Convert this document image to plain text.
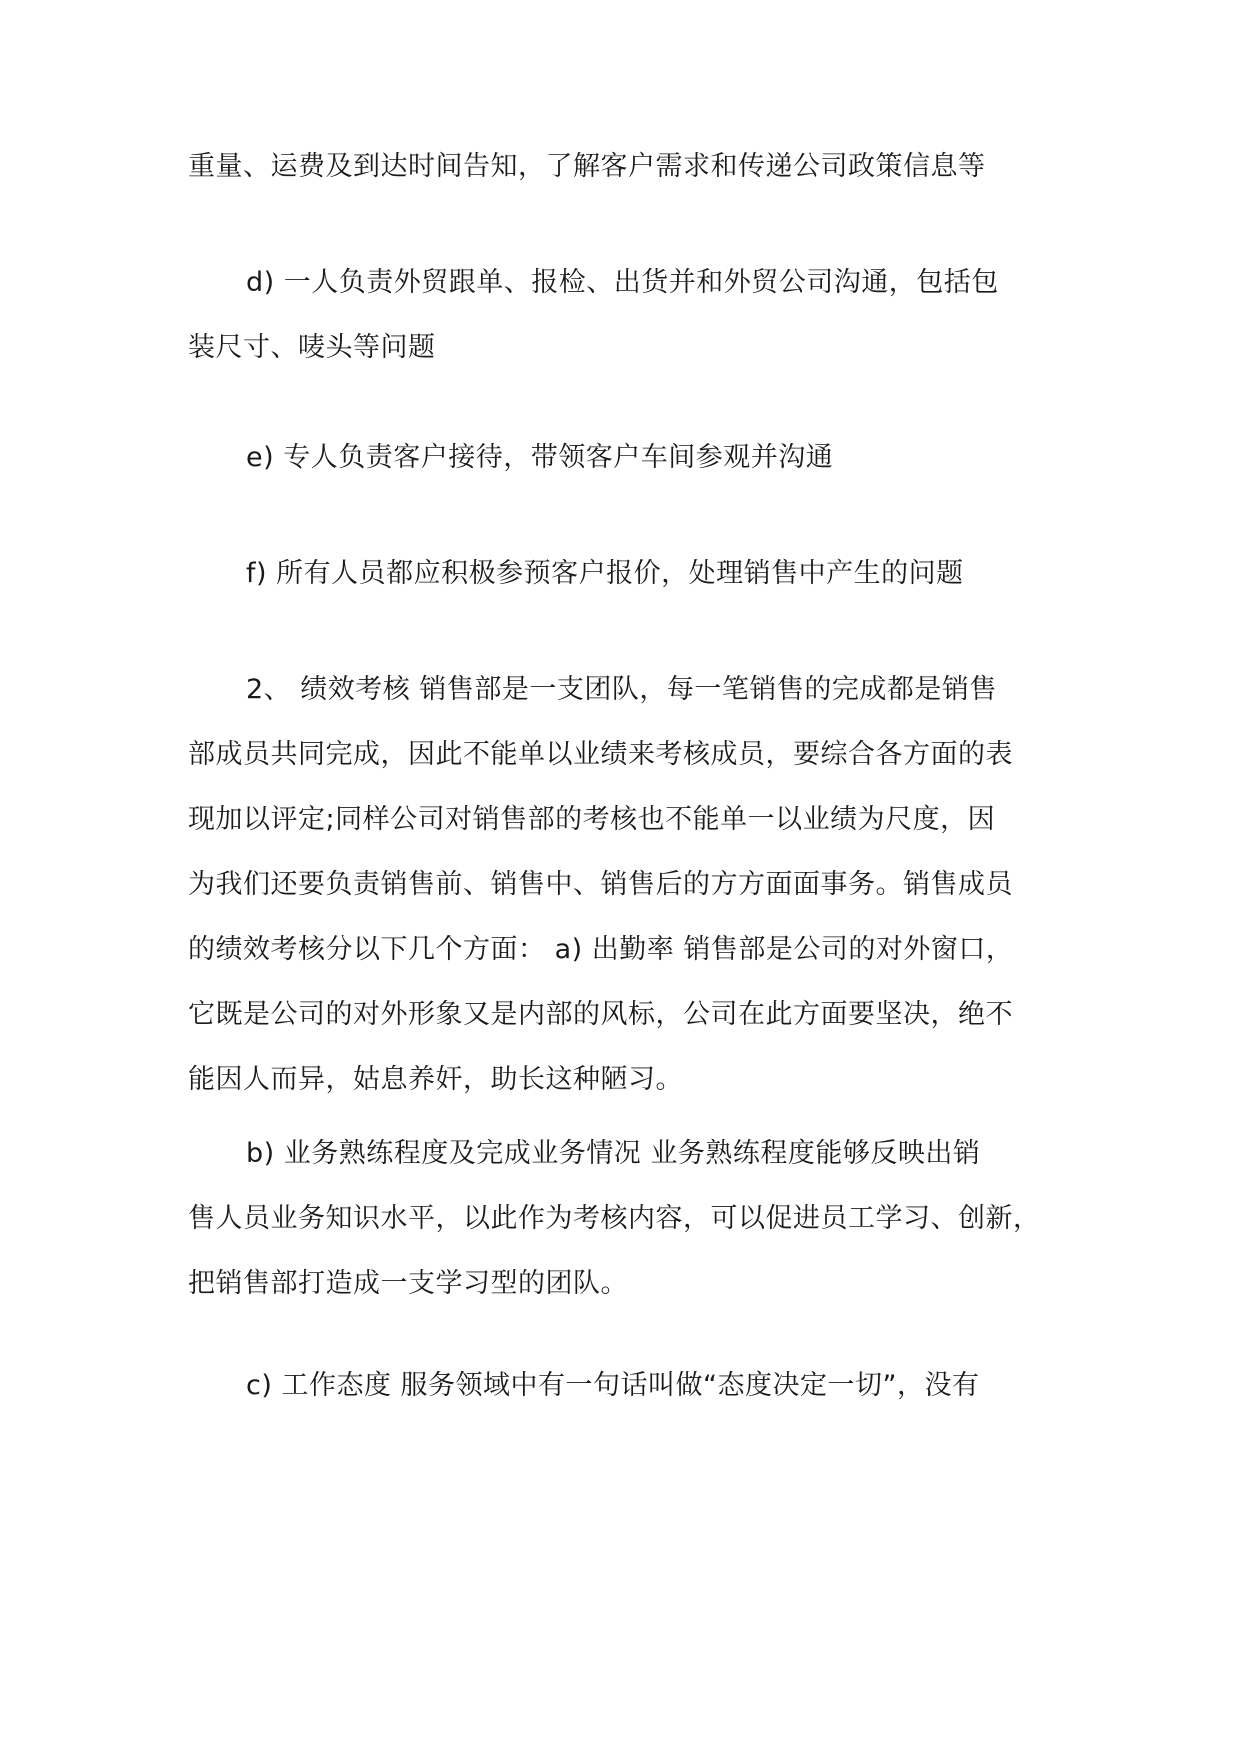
重量、运费及到达时间告知，了解客户需求和传递公司政策信息等

d) 一人负责外贸跟单、报检、出货并和外贸公司沟通，包括包
装尺寸、唛头等问题

e) 专人负责客户接待，带领客户车间参观并沟通

f) 所有人员都应积极参预客户报价，处理销售中产生的问题

2、 绩效考核 销售部是一支团队，每一笔销售的完成都是销售
部成员共同完成，因此不能单以业绩来考核成员，要综合各方面的表
现加以评定;同样公司对销售部的考核也不能单一以业绩为尺度，因
为我们还要负责销售前、销售中、销售后的方方面面事务。销售成员
的绩效考核分以下几个方面： a) 出勤率 销售部是公司的对外窗口，
它既是公司的对外形象又是内部的风标，公司在此方面要坚决，绝不
能因人而异，姑息养奸，助长这种陋习。

b) 业务熟练程度及完成业务情况 业务熟练程度能够反映出销
售人员业务知识水平，以此作为考核内容，可以促进员工学习、创新，
把销售部打造成一支学习型的团队。

c) 工作态度 服务领域中有一句话叫做“态度决定一切”，没有
